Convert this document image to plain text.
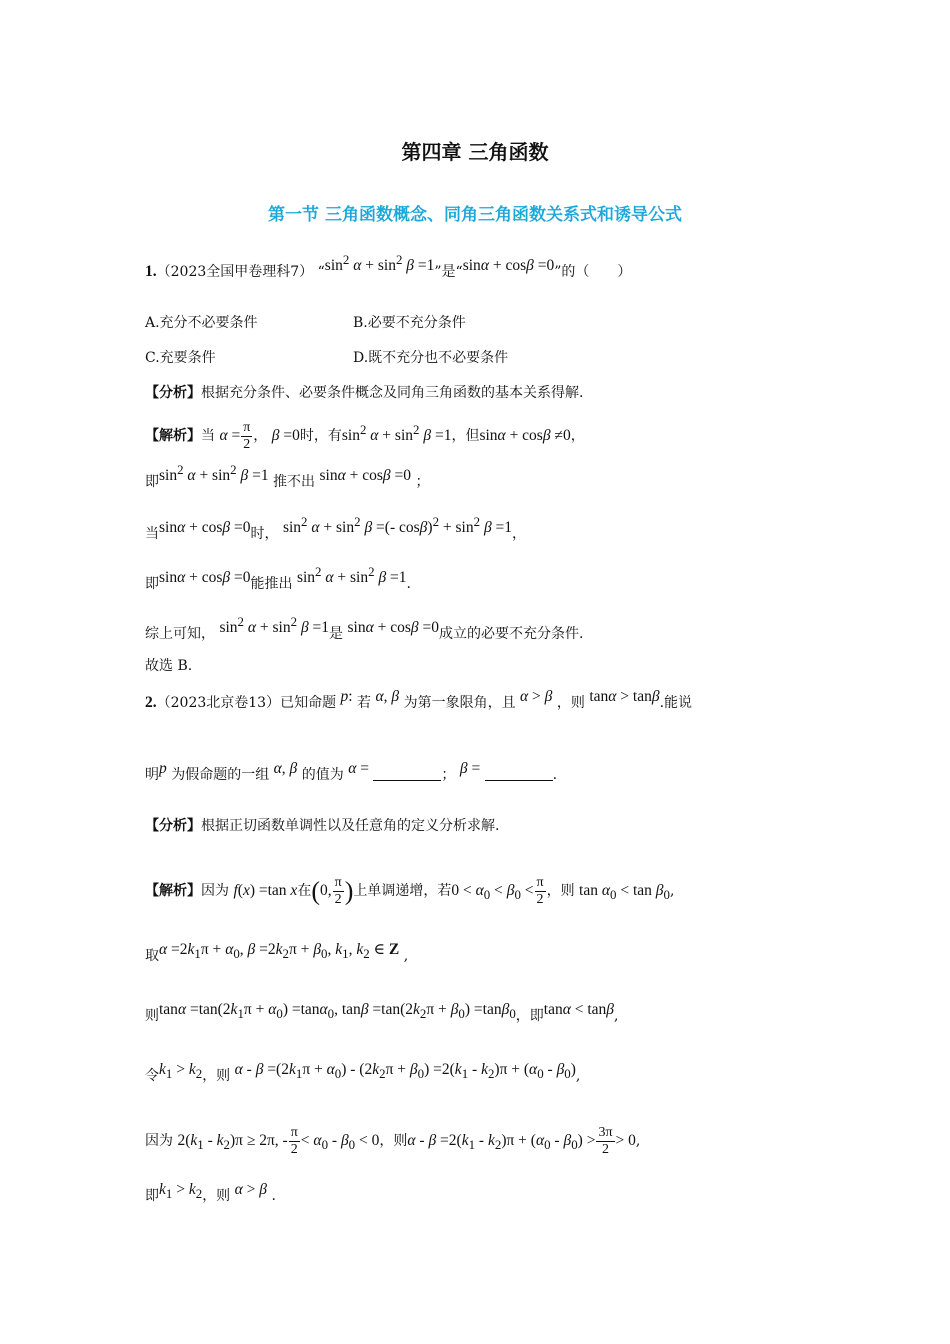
第四章 三角函数
第一节 三角函数概念、同角三角函数关系式和诱导公式
1.（2023全国甲卷理科7） “$\sin^2$ $\alpha + \sin^2 \beta =1$”是“sinα + cosβ =0”的（　　）
A.充分不必要条件	B.必要不充分条件
C.充要条件	D.既不充分也不必要条件
【分析】根据充分条件、必要条件概念及同角三角函数的基本关系得解.
【解析】当 $\alpha = \frac{\pi}{2}$ ， β =0时，有$\sin^2 \alpha + \sin^2 \beta =1$，但sinα + cosβ ≠0，
即$\sin^2 \alpha + \sin^2 \beta =1$ 推不出 sinα + cosβ =0 ；
当sinα + cosβ =0时， $\sin^2 \alpha + \sin^2 \beta$ =(- $\cos\beta)^2 + \sin^2 \beta =1$，
即sinα + cosβ =0能推出 $\sin^2 \alpha + \sin^2 \beta =1$.
综上可知， $\sin^2 \alpha + \sin^2 \beta =1$是 sinα + cosβ =0成立的必要不充分条件.
故选 B.
2.（2023北京卷13）已知命题 p: 若 α, β 为第一象限角，且 α > β ，则 tanα > tanβ.能说
明p 为假命题的一组 α, β 的值为 α =	； β =	.
【分析】根据正切函数单调性以及任意角的定义分析求解.
【解析】因为 f(x) =tan x在(0, $\frac{\pi}{2}$ )上单调递增，若$0 < \alpha_0 < \beta_0 < \frac{\pi}{2}$ ，则 $\tan \alpha_0 < \tan \beta_0$,
取$\alpha =2k_1\pi + \alpha_0$, $\beta =2k_2\pi + \beta_0$, $k_1$, $k_2$ ∈ Z ,
则$\tan\alpha =\tan(2k_1\pi + \alpha_0) =\tan\alpha_0$, $\tan\beta =\tan(2k_2\pi + \beta_0) =\tan\beta_0$，即tanα < tanβ,
令$k_1 > k_2$，则 $\alpha - \beta =(2k_1\pi + \alpha_0) - (2k_2\pi + \beta_0) =2(k_1 - k_2)\pi + (\alpha_0 - \beta_0)$,
因为 $2(k_1 - k_2)\pi \ge 2\pi$, - $\frac{\pi}{2} < \alpha_0 - \beta_0 < 0$，则$\alpha - \beta =2(k_1 - k_2)\pi + (\alpha_0 - \beta_0) > \frac{3\pi}{2} > 0$,
即$k_1 > k_2$，则 α > β .
